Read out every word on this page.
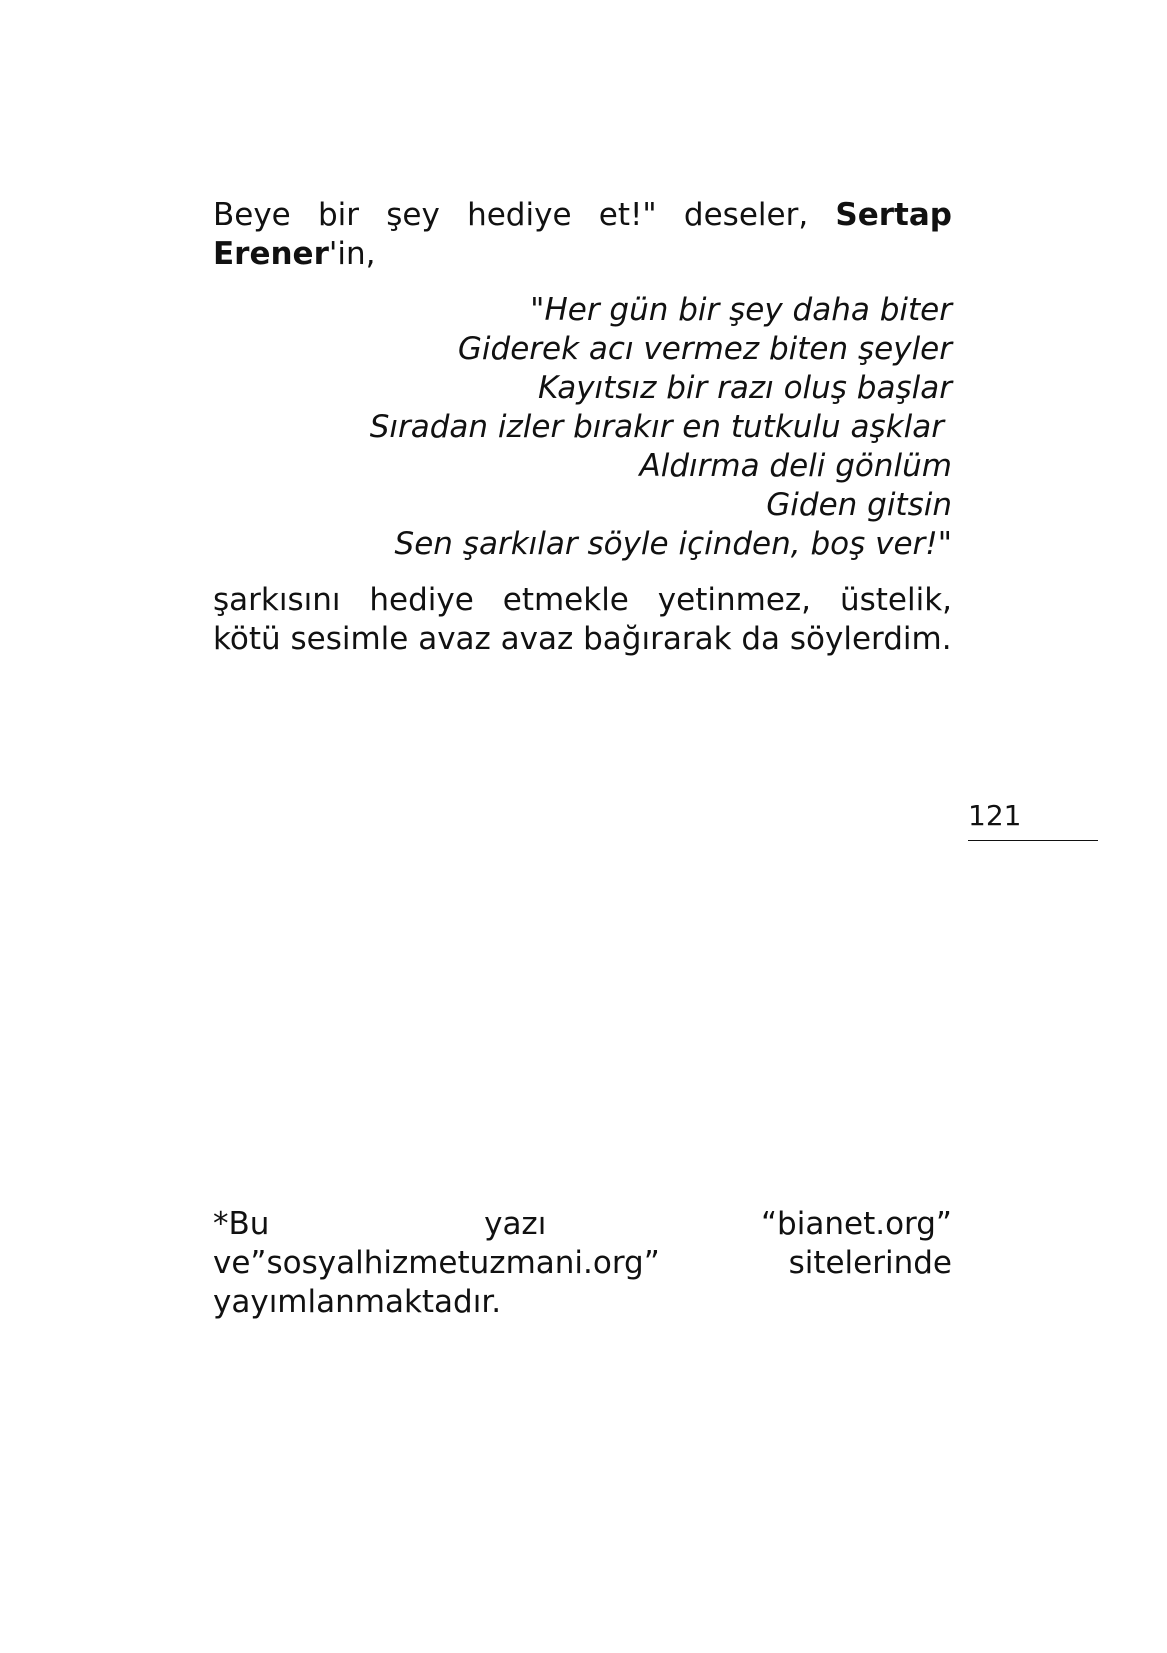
Beye bir şey hediye et!" deseler, Sertap Erener'in,

"Her gün bir şey daha biter
Giderek acı vermez biten şeyler
Kayıtsız bir razı oluş başlar
Sıradan izler bırakır en tutkulu aşklar
Aldırma deli gönlüm
Giden gitsin
Sen şarkılar söyle içinden, boş ver!"

şarkısını hediye etmekle yetinmez, üstelik, kötü sesimle avaz avaz bağırarak da söylerdim.

121
*Bu	yazı	“bianet.org”
ve”sosyalhizmetuzmani.org”	sitelerinde
yayımlanmaktadır.
